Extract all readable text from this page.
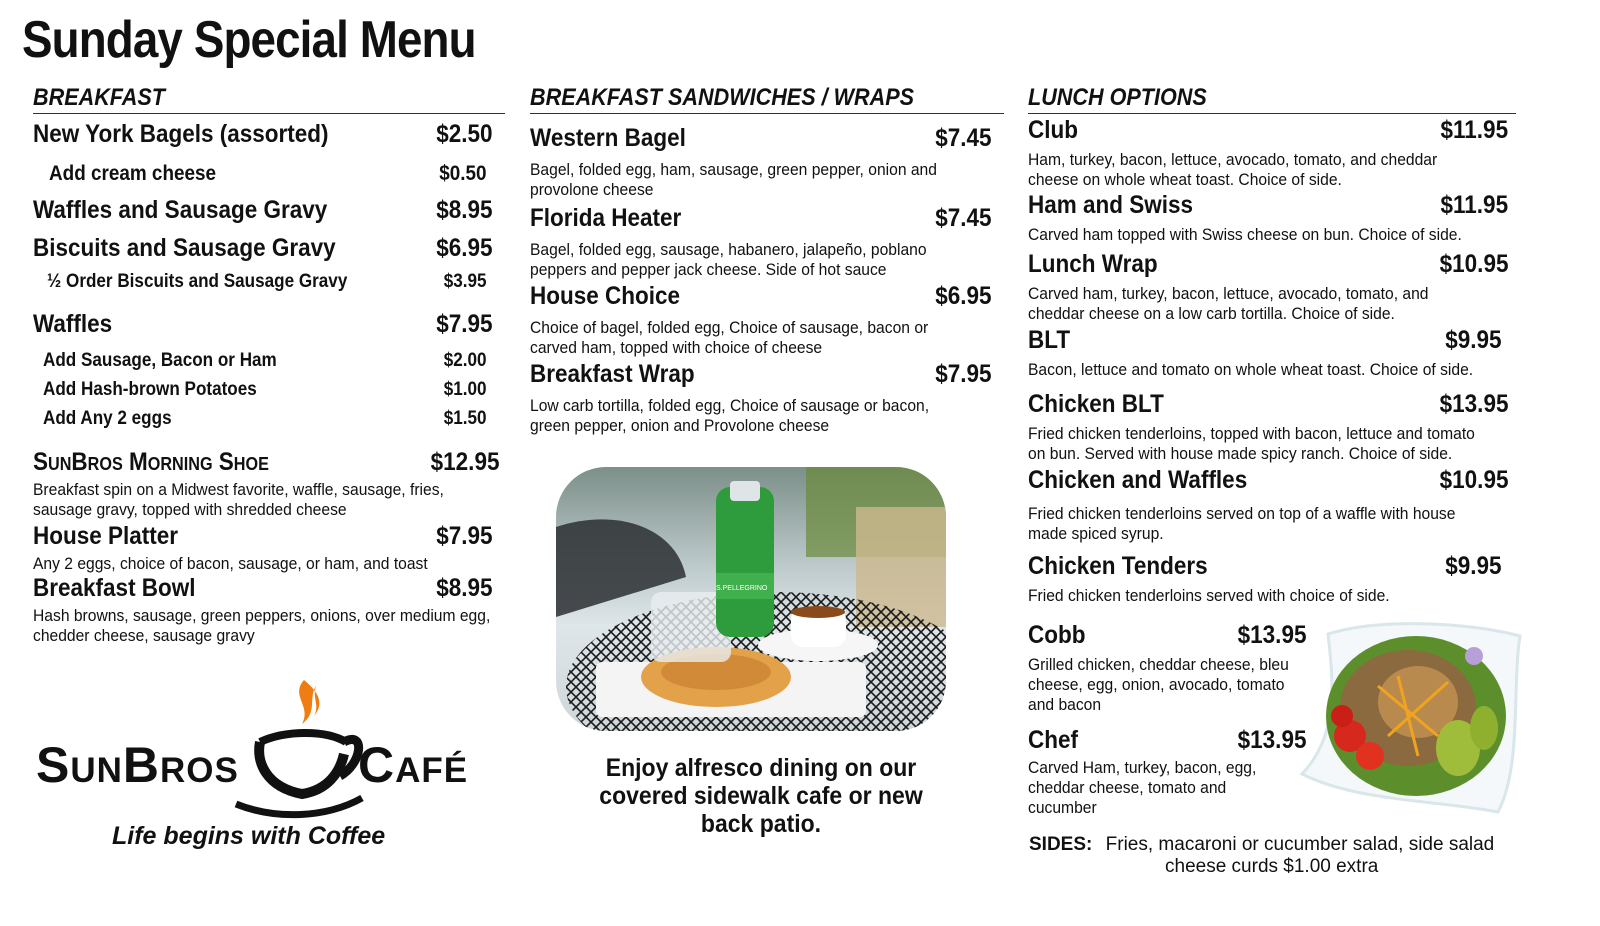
Sunday Special Menu
BREAKFAST
New York Bagels (assorted)	$2.50
Add cream cheese	$0.50
Waffles and Sausage Gravy	$8.95
Biscuits and Sausage Gravy	$6.95
½ Order Biscuits and Sausage Gravy	$3.95
Waffles	$7.95
Add Sausage, Bacon or Ham	$2.00
Add Hash-brown Potatoes	$1.00
Add Any 2 eggs	$1.50
SunBros Morning Shoe	$12.95
Breakfast spin on a Midwest favorite, waffle, sausage, fries, sausage gravy, topped with shredded cheese
House Platter	$7.95
Any 2 eggs, choice of bacon, sausage, or ham, and toast
Breakfast Bowl	$8.95
Hash browns, sausage, green peppers, onions, over medium egg, chedder cheese, sausage gravy
SunBros Café
Life begins with Coffee
BREAKFAST SANDWICHES / WRAPS
Western Bagel	$7.45
Bagel, folded egg, ham, sausage, green pepper, onion and provolone cheese
Florida Heater	$7.45
Bagel, folded egg, sausage, habanero, jalapeño, poblano peppers and pepper jack cheese. Side of hot sauce
House Choice	$6.95
Choice of bagel, folded egg, Choice of sausage, bacon or carved ham, topped with choice of cheese
Breakfast Wrap	$7.95
Low carb tortilla, folded egg, Choice of sausage or bacon, green pepper, onion and Provolone cheese
S.PELLEGRINO
Enjoy alfresco dining on our covered sidewalk cafe or new back patio.
LUNCH OPTIONS
Club	$11.95
Ham, turkey, bacon, lettuce, avocado, tomato, and cheddar cheese on whole wheat toast. Choice of side.
Ham and Swiss	$11.95
Carved ham topped with Swiss cheese on bun. Choice of side.
Lunch Wrap	$10.95
Carved ham, turkey, bacon, lettuce, avocado, tomato, and cheddar cheese on a low carb tortilla. Choice of side.
BLT	$9.95
Bacon, lettuce and tomato on whole wheat toast. Choice of side.
Chicken BLT	$13.95
Fried chicken tenderloins, topped with bacon, lettuce and tomato on bun. Served with house made spicy ranch. Choice of side.
Chicken and Waffles	$10.95
Fried chicken tenderloins served on top of a waffle with house made spiced syrup.
Chicken Tenders	$9.95
Fried chicken tenderloins served with choice of side.
Cobb	$13.95
Grilled chicken, cheddar cheese, bleu cheese, egg, onion, avocado, tomato and bacon
Chef	$13.95
Carved Ham, turkey, bacon, egg, cheddar cheese, tomato and cucumber
SIDES: Fries, macaroni or cucumber salad, side salad
cheese curds $1.00 extra
